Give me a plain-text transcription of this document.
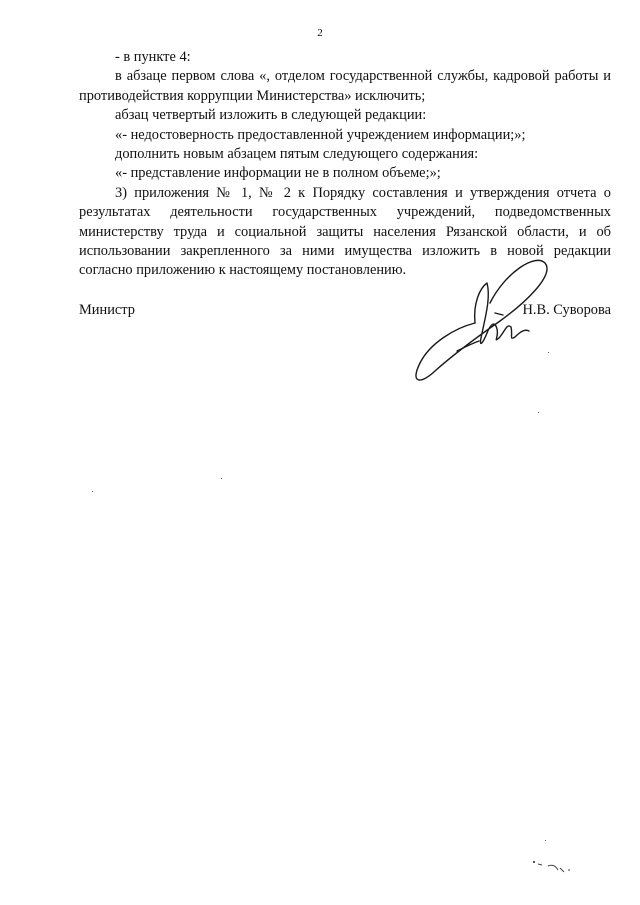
2

- в пункте 4:

в абзаце первом слова «, отделом государственной службы, кадровой работы и противодействия коррупции Министерства» исключить;

абзац четвертый изложить в следующей редакции:

«- недостоверность предоставленной учреждением информации;»;

дополнить новым абзацем пятым следующего содержания:

«- представление информации не в полном объеме;»;

3) приложения № 1, № 2 к Порядку составления и утверждения отчета о результатах деятельности государственных учреждений, подведомственных министерству труда и социальной защиты населения Рязанской области, и об использовании закрепленного за ними имущества изложить в новой редакции согласно приложению к настоящему постановлению.

Министр	Н.В. Суворова
